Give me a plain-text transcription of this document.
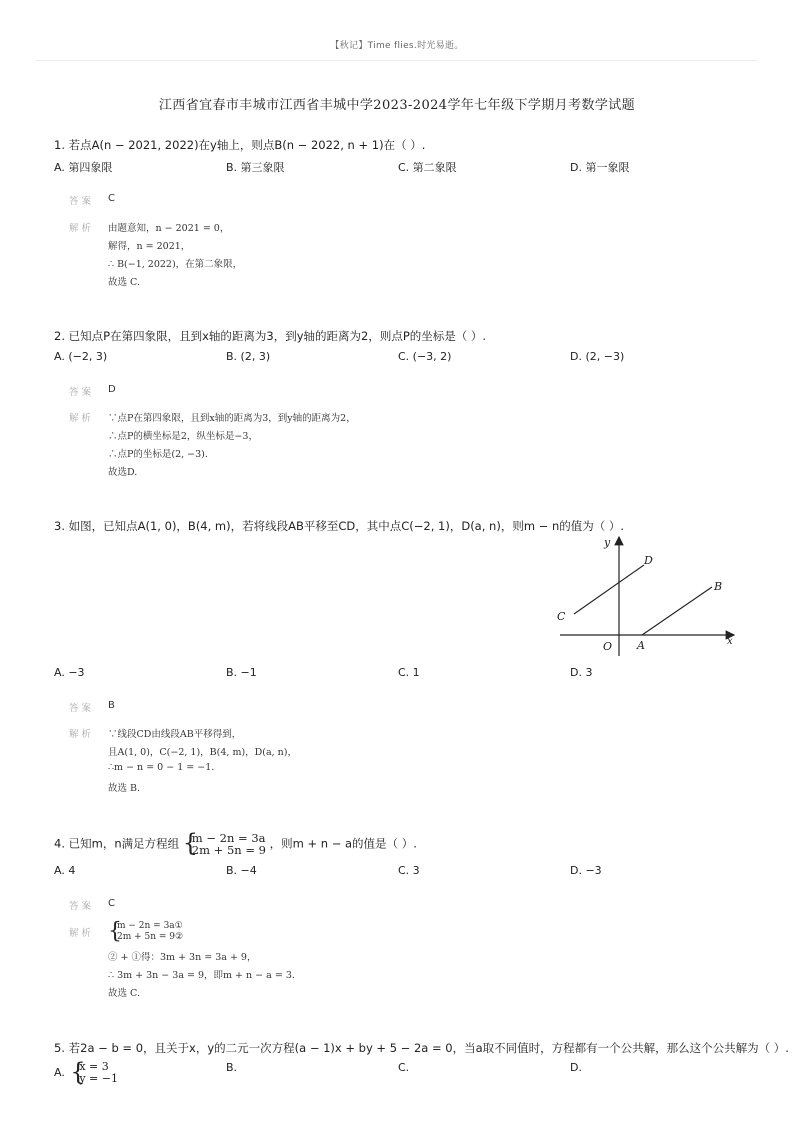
【秋记】Time flies.时光易逝。
江西省宜春市丰城市江西省丰城中学2023-2024学年七年级下学期月考数学试题
1. 若点A(n − 2021, 2022)在y轴上，则点B(n − 2022, n + 1)在（ ）.
A. 第四象限	B. 第三象限	C. 第二象限	D. 第一象限
答案 C
解析 由题意知，n − 2021 = 0，
解得，n = 2021，
∴ B(−1, 2022)，在第二象限，
故选 C.
2. 已知点P在第四象限，且到x轴的距离为3，到y轴的距离为2，则点P的坐标是（ ）.
A. (−2, 3)	B. (2, 3)	C. (−3, 2)	D. (2, −3)
答案 D
解析 ∵点P在第四象限，且到x轴的距离为3，到y轴的距离为2，
∴点P的横坐标是2，纵坐标是−3，
∴点P的坐标是(2, −3).
故选D.
3. 如图，已知点A(1, 0)，B(4, m)，若将线段AB平移至CD，其中点C(−2, 1)，D(a, n)，则m − n的值为（ ）.
y
x
O A
B
C
D
A. −3	B. −1	C. 1	D. 3
答案 B
解析 ∵线段CD由线段AB平移得到，
且A(1, 0)，C(−2, 1)，B(4, m)，D(a, n)，
∴m − n = 0 − 1 = −1.
故选 B.
4. 已知m，n满足方程组 {
m − 2n = 3a
2m + 5n = 9 ，则m + n − a的值是（ ）.
A. 4	B. −4	C. 3	D. −3
答案 C
解析 {
m − 2n = 3a①
2m + 5n = 9②
② + ①得：3m + 3n = 3a + 9，
∴ 3m + 3n − 3a = 9，即m + n − a = 3.
故选 C.
5. 若2a − b = 0，且关于x，y的二元一次方程(a − 1)x + by + 5 − 2a = 0，当a取不同值时，方程都有一个公共解，那么这个公共解为（ ）.
A. {
x = 3
y = −1
B.	C.	D.
